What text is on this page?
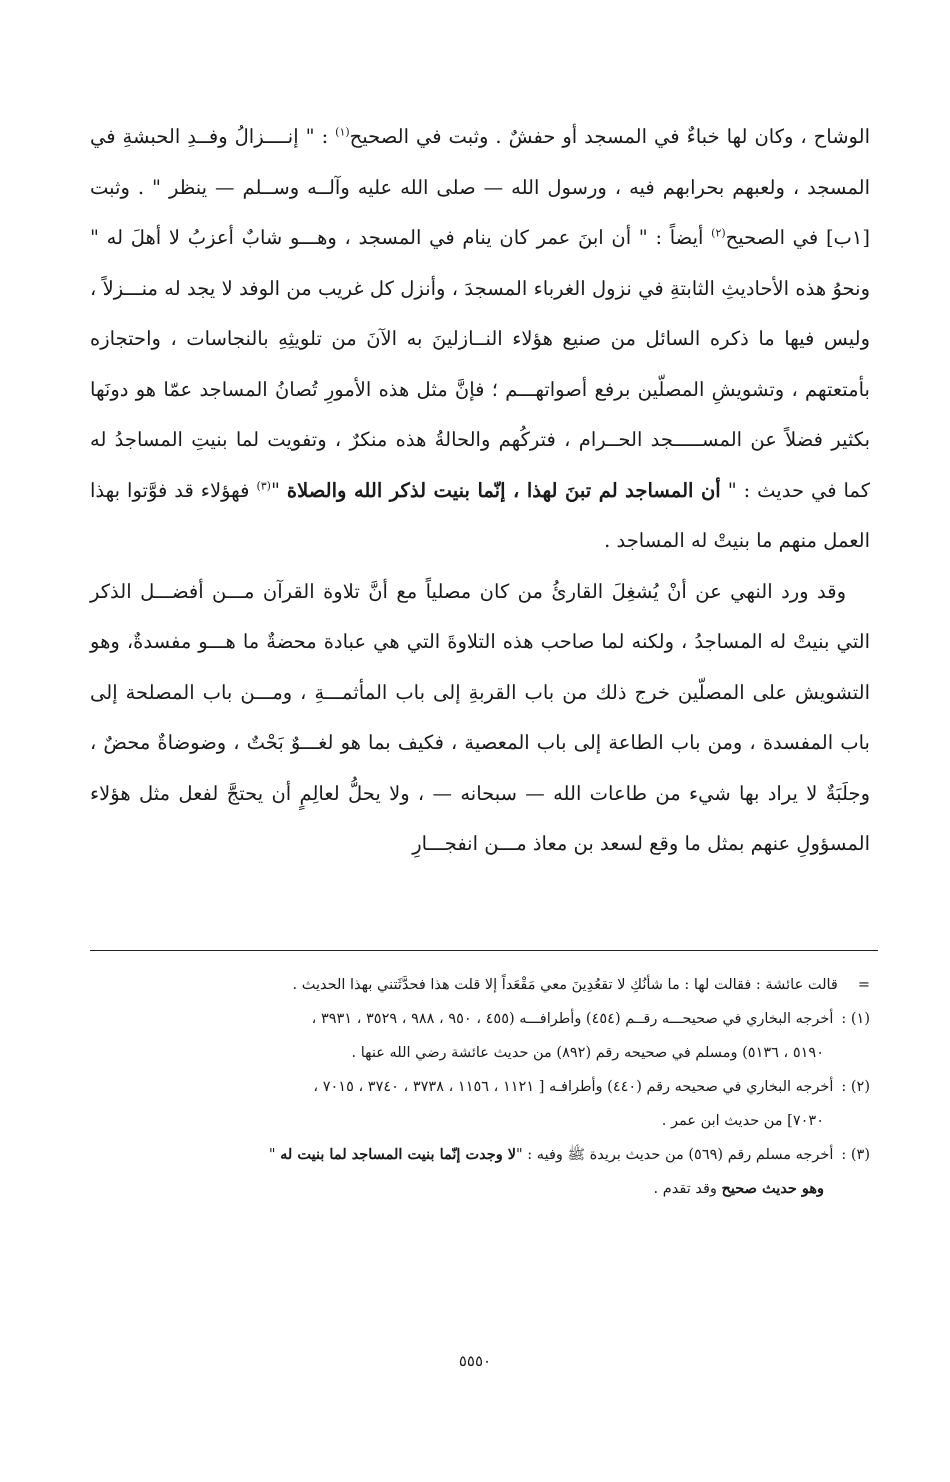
الوشاح ، وكان لها خباءٌ في المسجد أو حفشٌ . وثبت في الصحيح$^{(١)}$ : " إنــــزالُ وفــدِ الحبشةِ في المسجد ، ولعبهم بحرابهم فيه ، ورسول الله — صلى الله عليه وآلــه وســلم — ينظر " . وثبت [١ب] في الصحيح$^{(٢)}$ أيضاً : " أن ابنَ عمر كان ينام في المسجد ، وهـــو شابٌ أعزبُ لا أهلَ له " ونحوُ هذه الأحاديثِ الثابتةِ في نزول الغرباء المسجدَ ، وأنزل كل غريب من الوفد لا يجد له منـــزلاً ، وليس فيها ما ذكره السائل من صنيع هؤلاء النــازلينَ به الآنَ من تلويثِهِ بالنجاسات ، واحتجازه بأمتعتهم ، وتشويشِ المصلّين برفع أصواتهـــم ؛ فإنَّ مثل هذه الأمورِ تُصانُ المساجد عمّا هو دونَها بكثير فضلاً عن المســـــجد الحــرام ، فتركُهم والحالةُ هذه منكرٌ ، وتفويت لما بنيتِ المساجدُ له كما في حديث : " أن المساجد لم تبنَ لهذا ، إنّما بنيت لذكر الله والصلاة "$^{(٣)}$ فهؤلاء قد فوَّتوا بهذا العمل منهم ما بنيتْ له المساجد .

وقد ورد النهي عن أنْ يُشغِلَ القارئُ من كان مصلياً مع أنَّ تلاوة القرآن مـــن أفضـــل الذكر التي بنيتْ له المساجدُ ، ولكنه لما صاحب هذه التلاوةَ التي هي عبادة محضةٌ ما هـــو مفسدةٌ، وهو التشويش على المصلّين خرج ذلك من باب القربةِ إلى باب المأثمـــةِ ، ومـــن باب المصلحة إلى باب المفسدة ، ومن باب الطاعة إلى باب المعصية ، فكيف بما هو لغـــوٌ بَحْتٌ ، وضوضاةٌ محضٌ ، وجلَبَةٌ لا يراد بها شيء من طاعات الله — سبحانه — ، ولا يحلُّ لعالِمٍ أن يحتجَّ لفعل مثل هؤلاء المسؤولِ عنهم بمثل ما وقع لسعد بن معاذ مـــن انفجـــارِ

=قالت عائشة : فقالت لها : ما شأنُكِ لا تقعُدِينَ معي مَقْعَداً إلا قلت هذا فحدَّثَتني بهذا الحديث .

(١) :أخرجه البخاري في صحيحـــه رقــم (٤٥٤) وأطرافـــه (٤٥٥ ، ٩٥٠ ، ٩٨٨ ، ٣٥٢٩ ، ٣٩٣١ ،

٥١٩٠ ، ٥١٣٦) ومسلم في صحيحه رقم (٨٩٢) من حديث عائشة رضي الله عنها .

(٢) :أخرجه البخاري في صحيحه رقم (٤٤٠) وأطرافـه [ ١١٢١ ، ١١٥٦ ، ٣٧٣٨ ، ٣٧٤٠ ، ٧٠١٥ ،

٧٠٣٠] من حديث ابن عمر .

(٣) :أخرجه مسلم رقم (٥٦٩) من حديث بريدة ﷺ وفيه : "لا وجدت إنّما بنيت المساجد لما بنيت له "

وهو حديث صحيح وقد تقدم .

٥٥٥٠
